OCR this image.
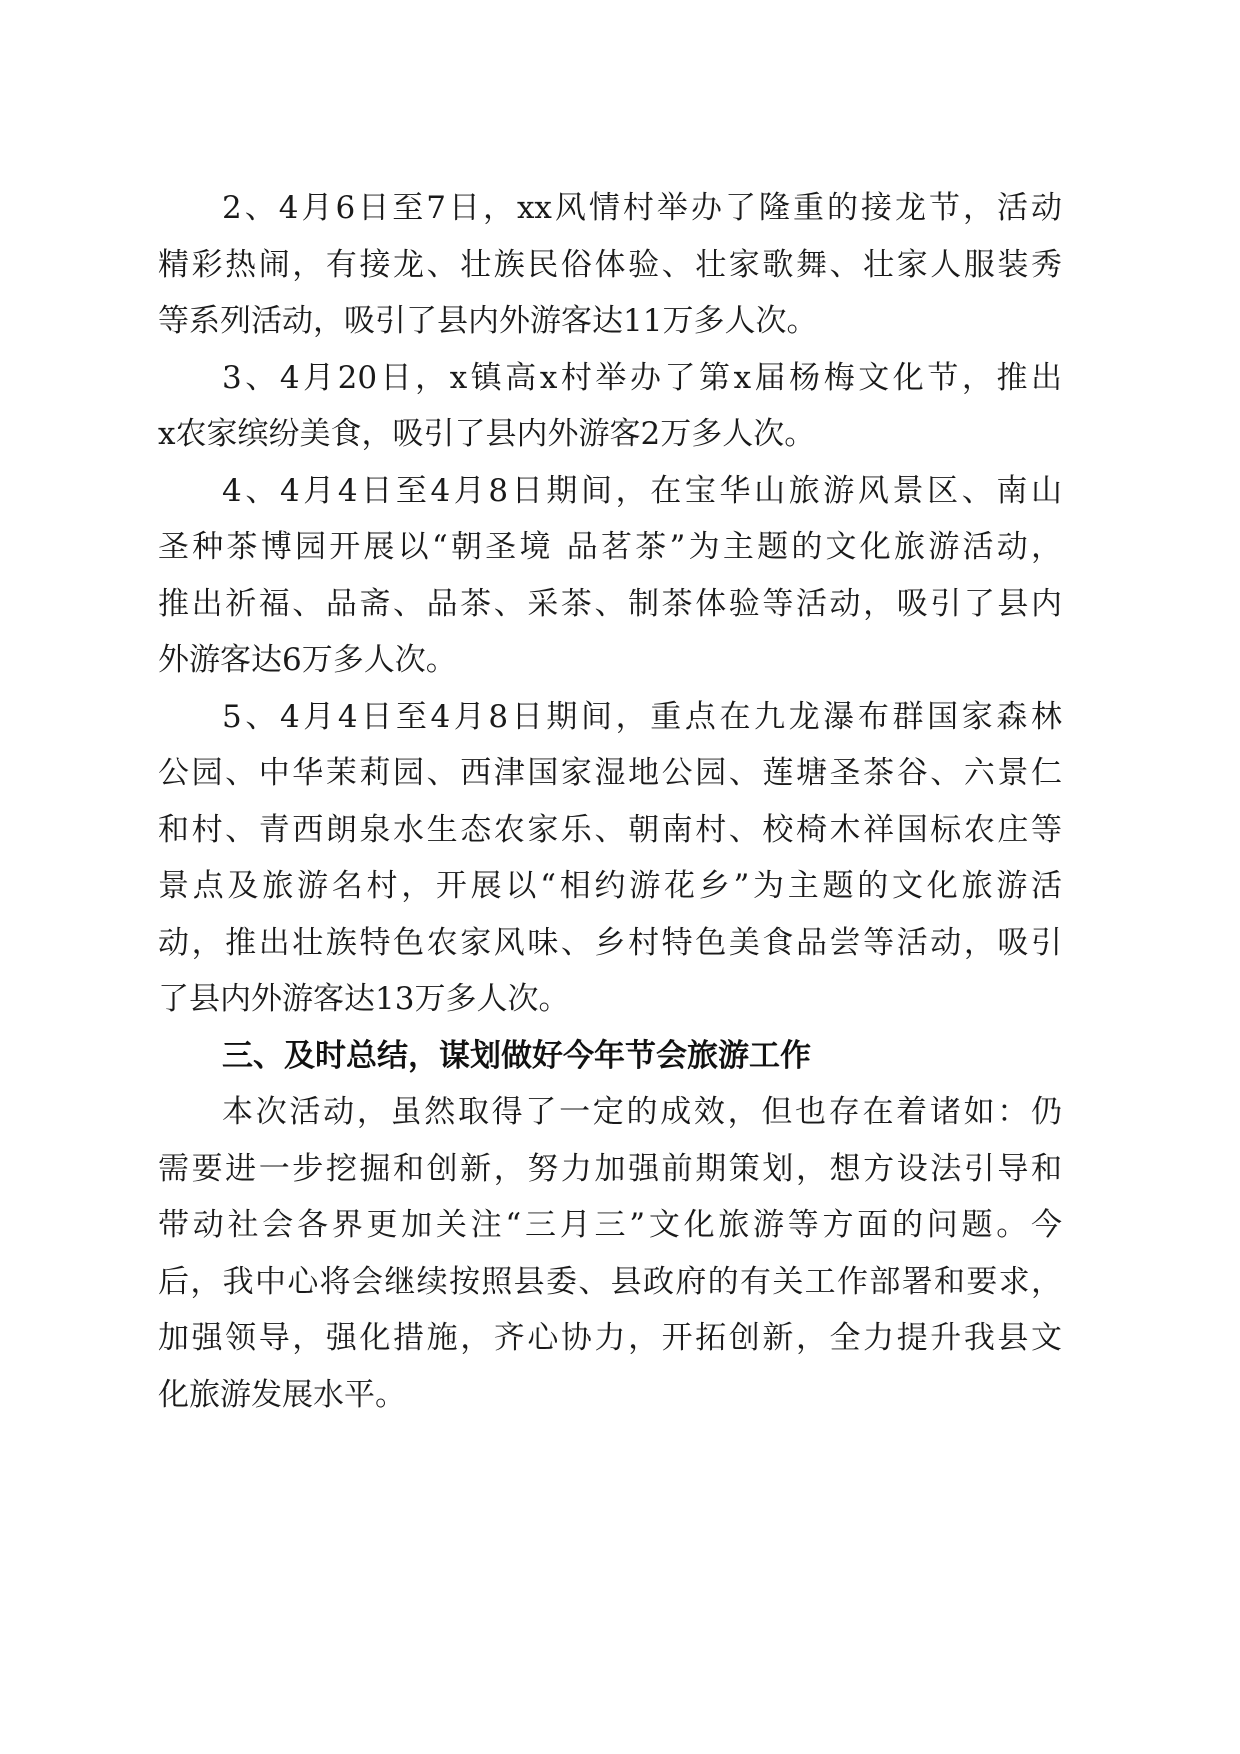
2、4月6日至7日，xx风情村举办了隆重的接龙节，活动
精彩热闹，有接龙、壮族民俗体验、壮家歌舞、壮家人服装秀
等系列活动，吸引了县内外游客达11万多人次。
3、4月20日，x镇高x村举办了第x届杨梅文化节，推出
x农家缤纷美食，吸引了县内外游客2万多人次。
4、4月4日至4月8日期间，在宝华山旅游风景区、南山
圣种茶博园开展以“朝圣境 品茗茶”为主题的文化旅游活动，
推出祈福、品斋、品茶、采茶、制茶体验等活动，吸引了县内
外游客达6万多人次。
5、4月4日至4月8日期间，重点在九龙瀑布群国家森林
公园、中华茉莉园、西津国家湿地公园、莲塘圣茶谷、六景仁
和村、青西朗泉水生态农家乐、朝南村、校椅木祥国标农庄等
景点及旅游名村，开展以“相约游花乡”为主题的文化旅游活
动，推出壮族特色农家风味、乡村特色美食品尝等活动，吸引
了县内外游客达13万多人次。
三、及时总结，谋划做好今年节会旅游工作
本次活动，虽然取得了一定的成效，但也存在着诸如：仍
需要进一步挖掘和创新，努力加强前期策划，想方设法引导和
带动社会各界更加关注“三月三”文化旅游等方面的问题。今
后，我中心将会继续按照县委、县政府的有关工作部署和要求，
加强领导，强化措施，齐心协力，开拓创新，全力提升我县文
化旅游发展水平。
